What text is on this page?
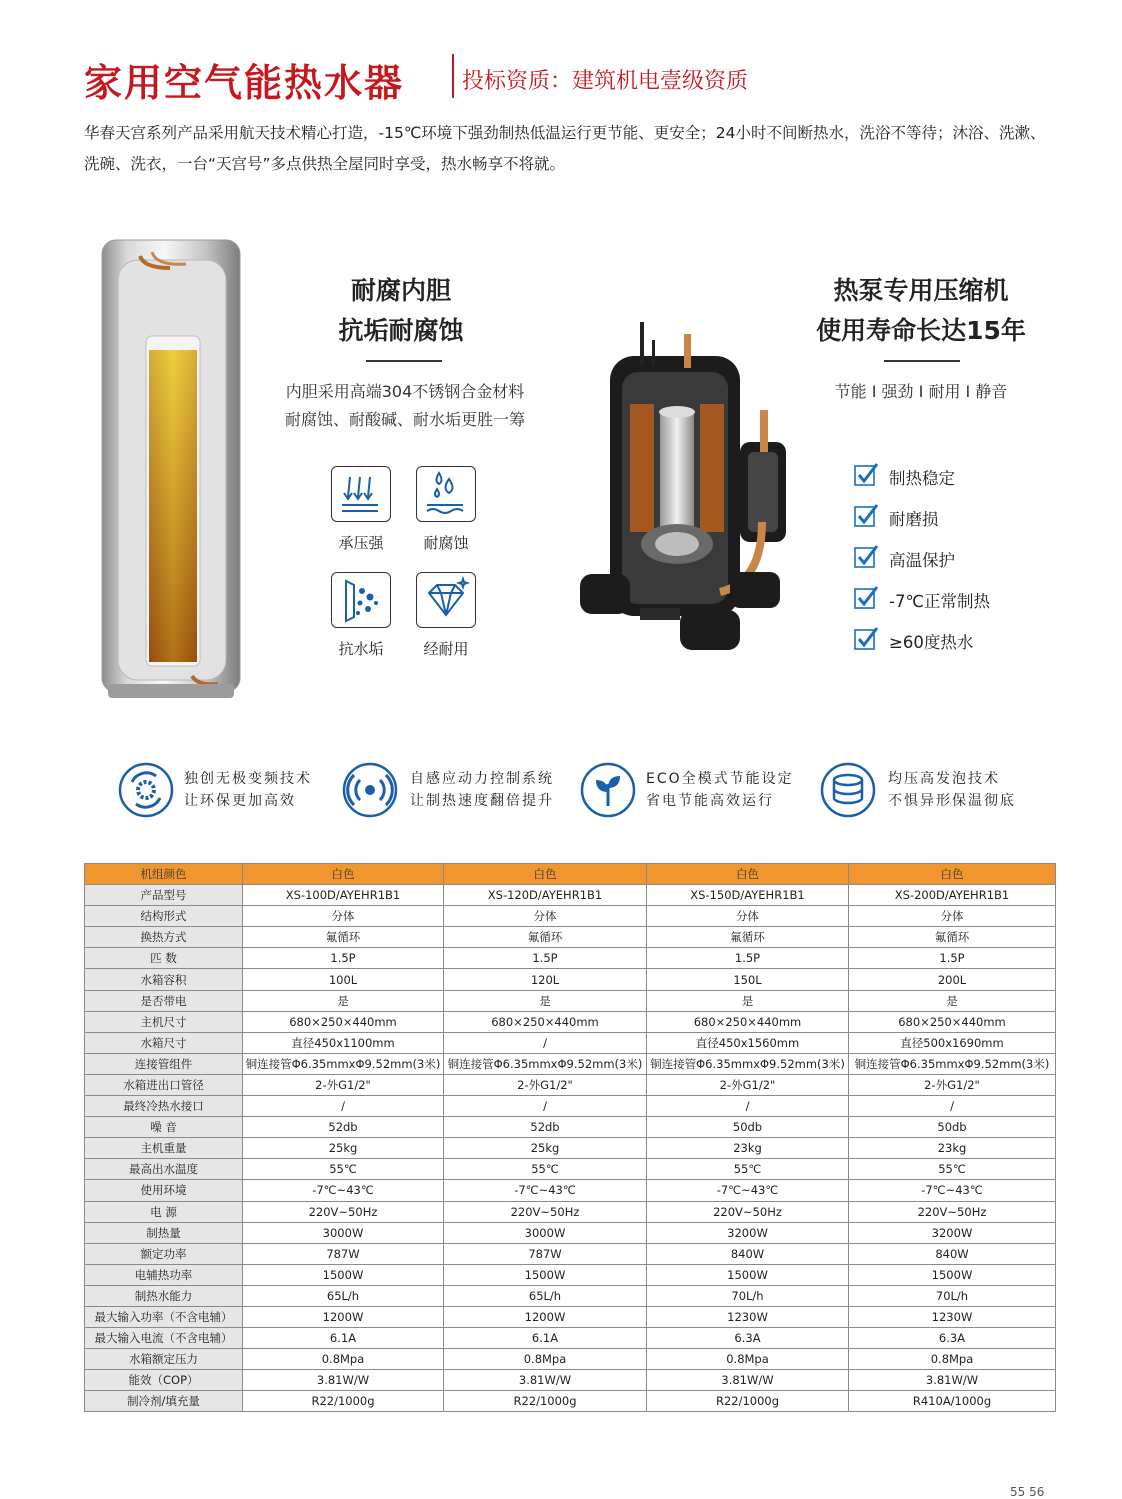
家用空气能热水器	投标资质：建筑机电壹级资质
华春天宫系列产品采用航天技术精心打造，-15℃环境下强劲制热低温运行更节能、更安全；24小时不间断热水，洗浴不等待；沐浴、洗漱、洗碗、洗衣，一台“天宫号”多点供热全屋同时享受，热水畅享不将就。
耐腐内胆
抗垢耐腐蚀
内胆采用高端304不锈钢合金材料
耐腐蚀、耐酸碱、耐水垢更胜一筹
承压强	耐腐蚀
抗水垢	经耐用
热泵专用压缩机
使用寿命长达15年
节能 I 强劲 I 耐用 I 静音
制热稳定
耐磨损
高温保护
-7℃正常制热
≥60度热水
独创无极变频技术
让环保更加高效
自感应动力控制系统
让制热速度翻倍提升
ECO全模式节能设定
省电节能高效运行
均压高发泡技术
不惧异形保温彻底
机组颜色	白色	白色	白色	白色
产品型号	XS-100D/AYEHR1B1	XS-120D/AYEHR1B1	XS-150D/AYEHR1B1	XS-200D/AYEHR1B1
结构形式	分体	分体	分体	分体
换热方式	氟循环	氟循环	氟循环	氟循环
匹 数	1.5P	1.5P	1.5P	1.5P
水箱容积	100L	120L	150L	200L
是否带电	是	是	是	是
主机尺寸	680×250×440mm	680×250×440mm	680×250×440mm	680×250×440mm
水箱尺寸	直径450x1100mm	/	直径450x1560mm	直径500x1690mm
连接管组件	铜连接管Φ6.35mmxΦ9.52mm(3米)	铜连接管Φ6.35mmxΦ9.52mm(3米)	铜连接管Φ6.35mmxΦ9.52mm(3米)	铜连接管Φ6.35mmxΦ9.52mm(3米)
水箱进出口管径	2-外G1/2"	2-外G1/2"	2-外G1/2"	2-外G1/2"
最终冷热水接口	/	/	/	/
噪 音	52db	52db	50db	50db
主机重量	25kg	25kg	23kg	23kg
最高出水温度	55℃	55℃	55℃	55℃
使用环境	-7℃~43℃	-7℃~43℃	-7℃~43℃	-7℃~43℃
电 源	220V~50Hz	220V~50Hz	220V~50Hz	220V~50Hz
制热量	3000W	3000W	3200W	3200W
额定功率	787W	787W	840W	840W
电辅热功率	1500W	1500W	1500W	1500W
制热水能力	65L/h	65L/h	70L/h	70L/h
最大输入功率（不含电辅）	1200W	1200W	1230W	1230W
最大输入电流（不含电辅）	6.1A	6.1A	6.3A	6.3A
水箱额定压力	0.8Mpa	0.8Mpa	0.8Mpa	0.8Mpa
能效（COP）	3.81W/W	3.81W/W	3.81W/W	3.81W/W
制冷剂/填充量	R22/1000g	R22/1000g	R22/1000g	R410A/1000g
55 56
